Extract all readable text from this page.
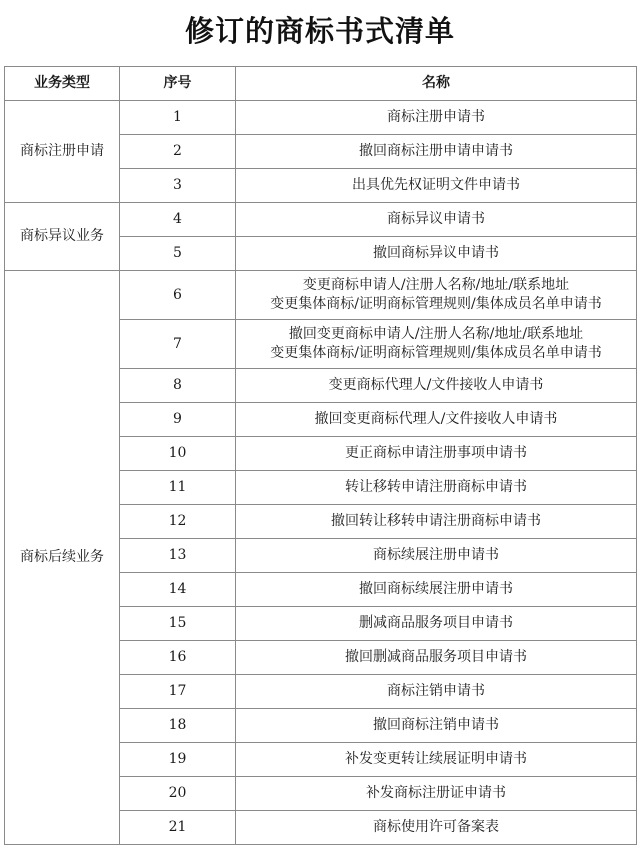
修订的商标书式清单
业务类型	序号	名称
商标注册申请	1	商标注册申请书

	2	撤回商标注册申请申请书

	3	出具优先权证明文件申请书

商标异议业务	4	商标异议申请书

	5	撤回商标异议申请书

商标后续业务	6	变更商标申请人/注册人名称/地址/联系地址
变更集体商标/证明商标管理规则/集体成员名单申请书

	7	撤回变更商标申请人/注册人名称/地址/联系地址
变更集体商标/证明商标管理规则/集体成员名单申请书

	8	变更商标代理人/文件接收人申请书

	9	撤回变更商标代理人/文件接收人申请书

	10	更正商标申请注册事项申请书

	11	转让移转申请注册商标申请书

	12	撤回转让移转申请注册商标申请书

	13	商标续展注册申请书

	14	撤回商标续展注册申请书

	15	删减商品服务项目申请书

	16	撤回删减商品服务项目申请书

	17	商标注销申请书

	18	撤回商标注销申请书

	19	补发变更转让续展证明申请书

	20	补发商标注册证申请书

	21	商标使用许可备案表
